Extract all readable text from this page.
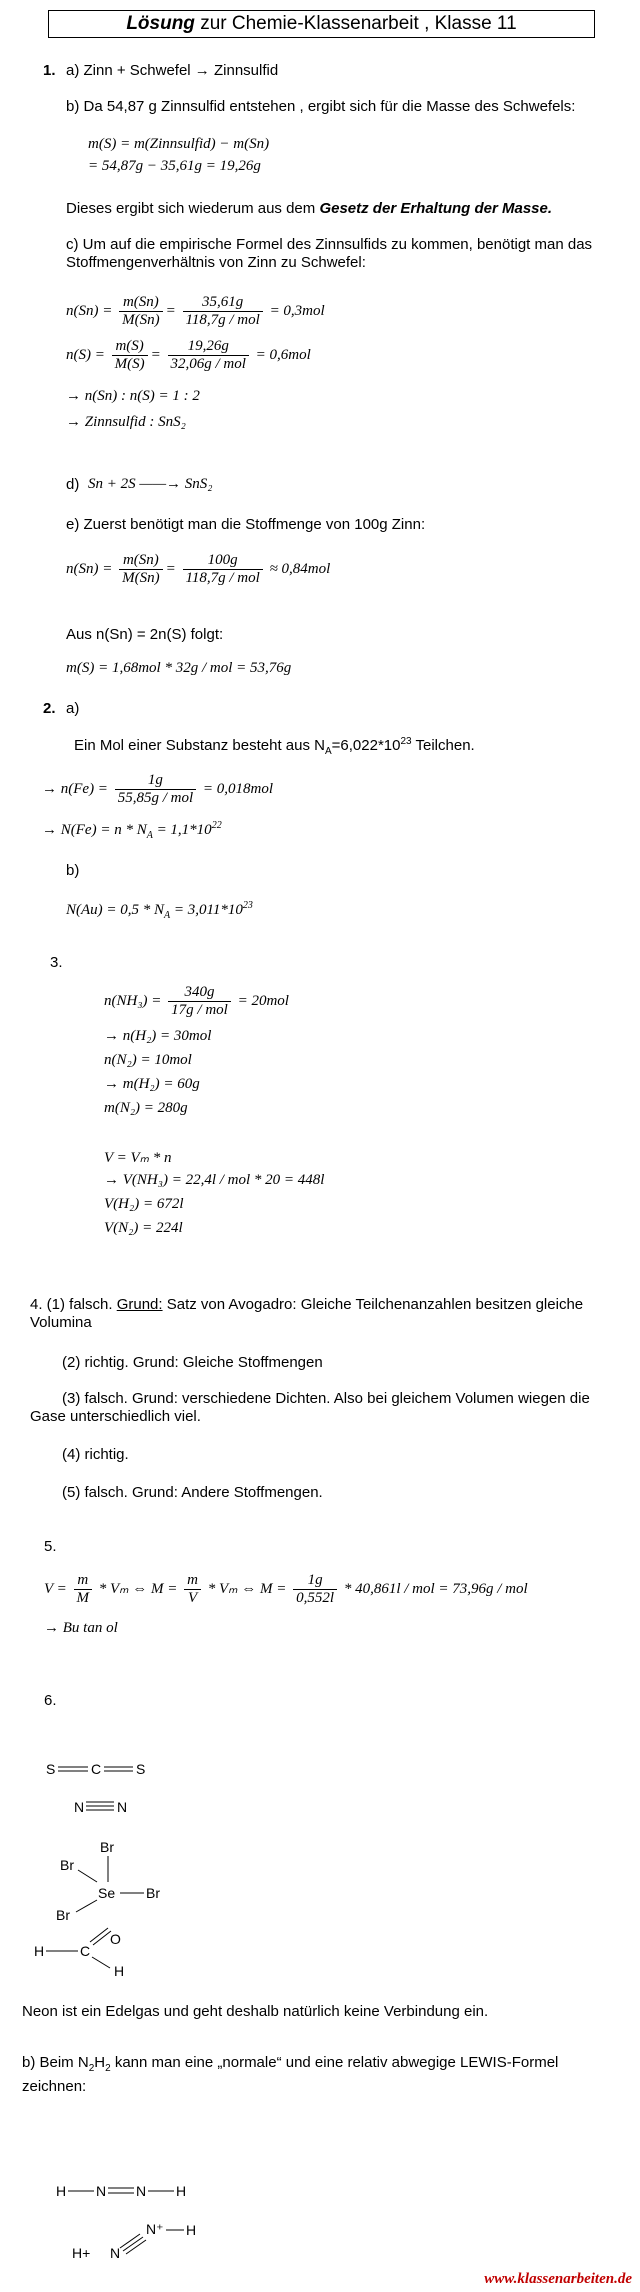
Lösung zur Chemie-Klassenarbeit , Klasse 11
1. a) Zinn + Schwefel → Zinnsulfid
b) Da 54,87 g Zinnsulfid entstehen , ergibt sich für die Masse des Schwefels:
m(S) = m(Zinnsulfid) − m(Sn)
= 54,87g − 35,61g = 19,26g
Dieses ergibt sich wiederum aus dem Gesetz der Erhaltung der Masse.
c) Um auf die empirische Formel des Zinnsulfids zu kommen, benötigt man das Stoffmengenverhältnis von Zinn zu Schwefel:
$n(Sn) = \frac{m(Sn)}{M(Sn)} = \frac{35,61g}{\text{118,7g / mol}} = 0,3mol$
$n(S) = \frac{m(S)}{M(S)} = \frac{19,26g}{\text{32,06g / mol}} = 0,6mol$
→ n(Sn) : n(S) = 1 : 2
→ Zinnsulfid : SnS₂
d) Sn + 2S ——→ SnS₂
e) Zuerst benötigt man die Stoffmenge von 100g Zinn:
$n(Sn) = \frac{m(Sn)}{M(Sn)} = \frac{100g}{\text{118,7g / mol}} \approx 0,84mol$
Aus n(Sn) = 2n(S) folgt:
m(S) = 1,68mol * 32g / mol = 53,76g
2. a)
Ein Mol einer Substanz besteht aus $N_A=6,022*10^{23}$ Teilchen.
→ $n(Fe) = \frac{1g}{\text{55,85g / mol}} = 0,018mol$
→ $N(Fe) = n * N_A = 1,1*10^{22}$
b)
$N(Au) = 0,5 * N_A = 3,011*10^{23}$
3.
$n(NH_3) = \frac{340g}{\text{17g / mol}} = 20mol$
→ n(H₂) = 30mol
n(N₂) = 10mol
→ m(H₂) = 60g
m(N₂) = 280g
V = Vₘ * n
→ V(NH₃) = 22,4l / mol * 20 = 448l
V(H₂) = 672l
V(N₂) = 224l
4. (1) falsch. Grund: Satz von Avogadro: Gleiche Teilchenanzahlen besitzen gleiche Volumina
(2) richtig. Grund: Gleiche Stoffmengen
(3) falsch. Grund: verschiedene Dichten. Also bei gleichem Volumen wiegen die Gase unterschiedlich viel.
(4) richtig.
(5) falsch. Grund: Andere Stoffmengen.
5.
$V = \frac{m}{M} * V_m$ ⇔ $M = \frac{m}{V} * V_m$ ⇔ $M = \frac{1g}{0,552l} * 40,861l$ / mol = 73,96g / mol
→ Bu tan ol
6.
S	C S
N N
Br
Br
Se Br
Br
O
H	C
H
Neon ist ein Edelgas und geht deshalb natürlich keine Verbindung ein.
b) Beim $N_2H_2$ kann man eine „normale“ und eine relativ abwegige LEWIS-Formel zeichnen:
H N N H
H+ N
N⁺ H
www.klassenarbeiten.de
